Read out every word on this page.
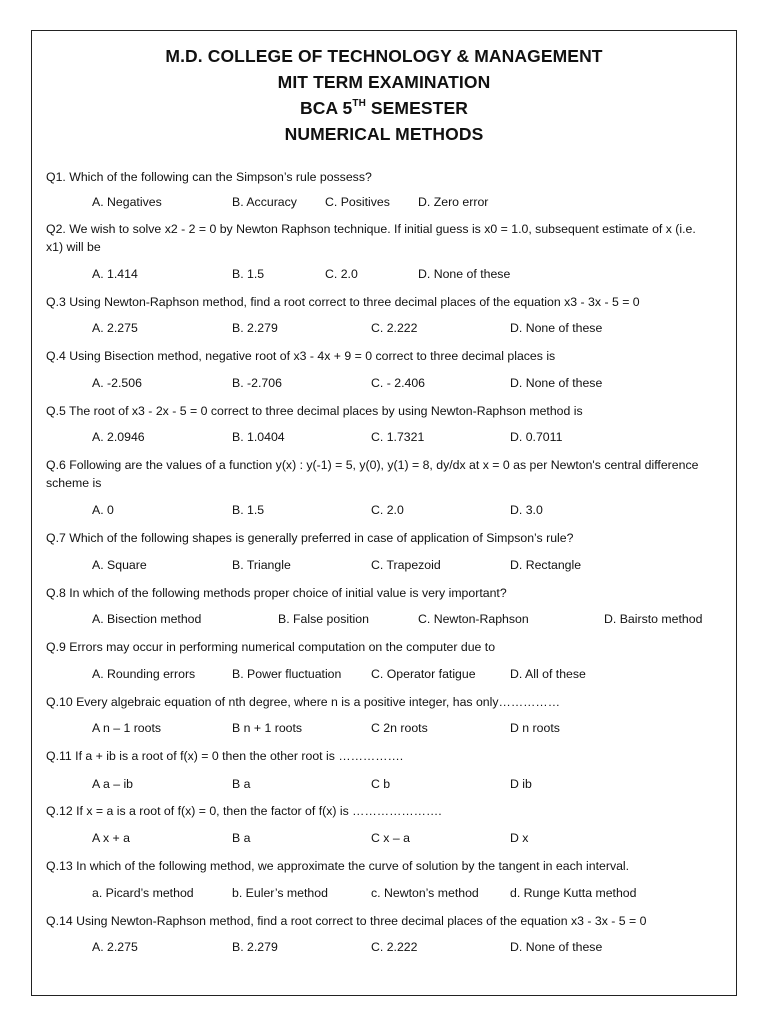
M.D. COLLEGE OF TECHNOLOGY & MANAGEMENT
MIT TERM EXAMINATION
BCA 5TH SEMESTER
NUMERICAL METHODS
Q1. Which of the following can the Simpson’s rule possess?
A. Negatives	B. Accuracy C. Positives D. Zero error
Q2. We wish to solve x2 - 2 = 0 by Newton Raphson technique. If initial guess is x0 = 1.0, subsequent estimate of x (i.e. x1) will be
A. 1.414	B. 1.5	C. 2.0	D. None of these
Q.3 Using Newton-Raphson method, find a root correct to three decimal places of the equation x3 - 3x - 5 = 0
A. 2.275	B. 2.279	C. 2.222	D. None of these
Q.4 Using Bisection method, negative root of x3 - 4x + 9 = 0 correct to three decimal places is
A. -2.506	B. -2.706	C. - 2.406	D. None of these
Q.5 The root of x3 - 2x - 5 = 0 correct to three decimal places by using Newton-Raphson method is
A. 2.0946	B. 1.0404	C. 1.7321	D. 0.7011
Q.6 Following are the values of a function y(x) : y(-1) = 5, y(0), y(1) = 8, dy/dx at x = 0 as per Newton's central difference scheme is
A. 0	B. 1.5	C. 2.0	D. 3.0
Q.7 Which of the following shapes is generally preferred in case of application of Simpson’s rule?
A. Square	B. Triangle	C. Trapezoid	D. Rectangle
Q.8 In which of the following methods proper choice of initial value is very important?
A. Bisection method	B. False position	C. Newton-Raphson	D. Bairsto method
Q.9 Errors may occur in performing numerical computation on the computer due to
A. Rounding errors	B. Power fluctuation C. Operator fatigue	D. All of these
Q.10 Every algebraic equation of nth degree, where n is a positive integer, has only……………
A n – 1 roots	B n + 1 roots	C 2n roots	D n roots
Q.11 If a + ib is a root of f(x) = 0 then the other root is …………….
A a – ib	B a	C b	D ib
Q.12 If x = a is a root of f(x) = 0, then the factor of f(x) is ………………….
A x + a	B a	C x – a	D x
Q.13 In which of the following method, we approximate the curve of solution by the tangent in each interval.
a. Picard’s method	b. Euler’s method	c. Newton’s method	d. Runge Kutta method
Q.14 Using Newton-Raphson method, find a root correct to three decimal places of the equation x3 - 3x - 5 = 0
A. 2.275	B. 2.279	C. 2.222	D. None of these
